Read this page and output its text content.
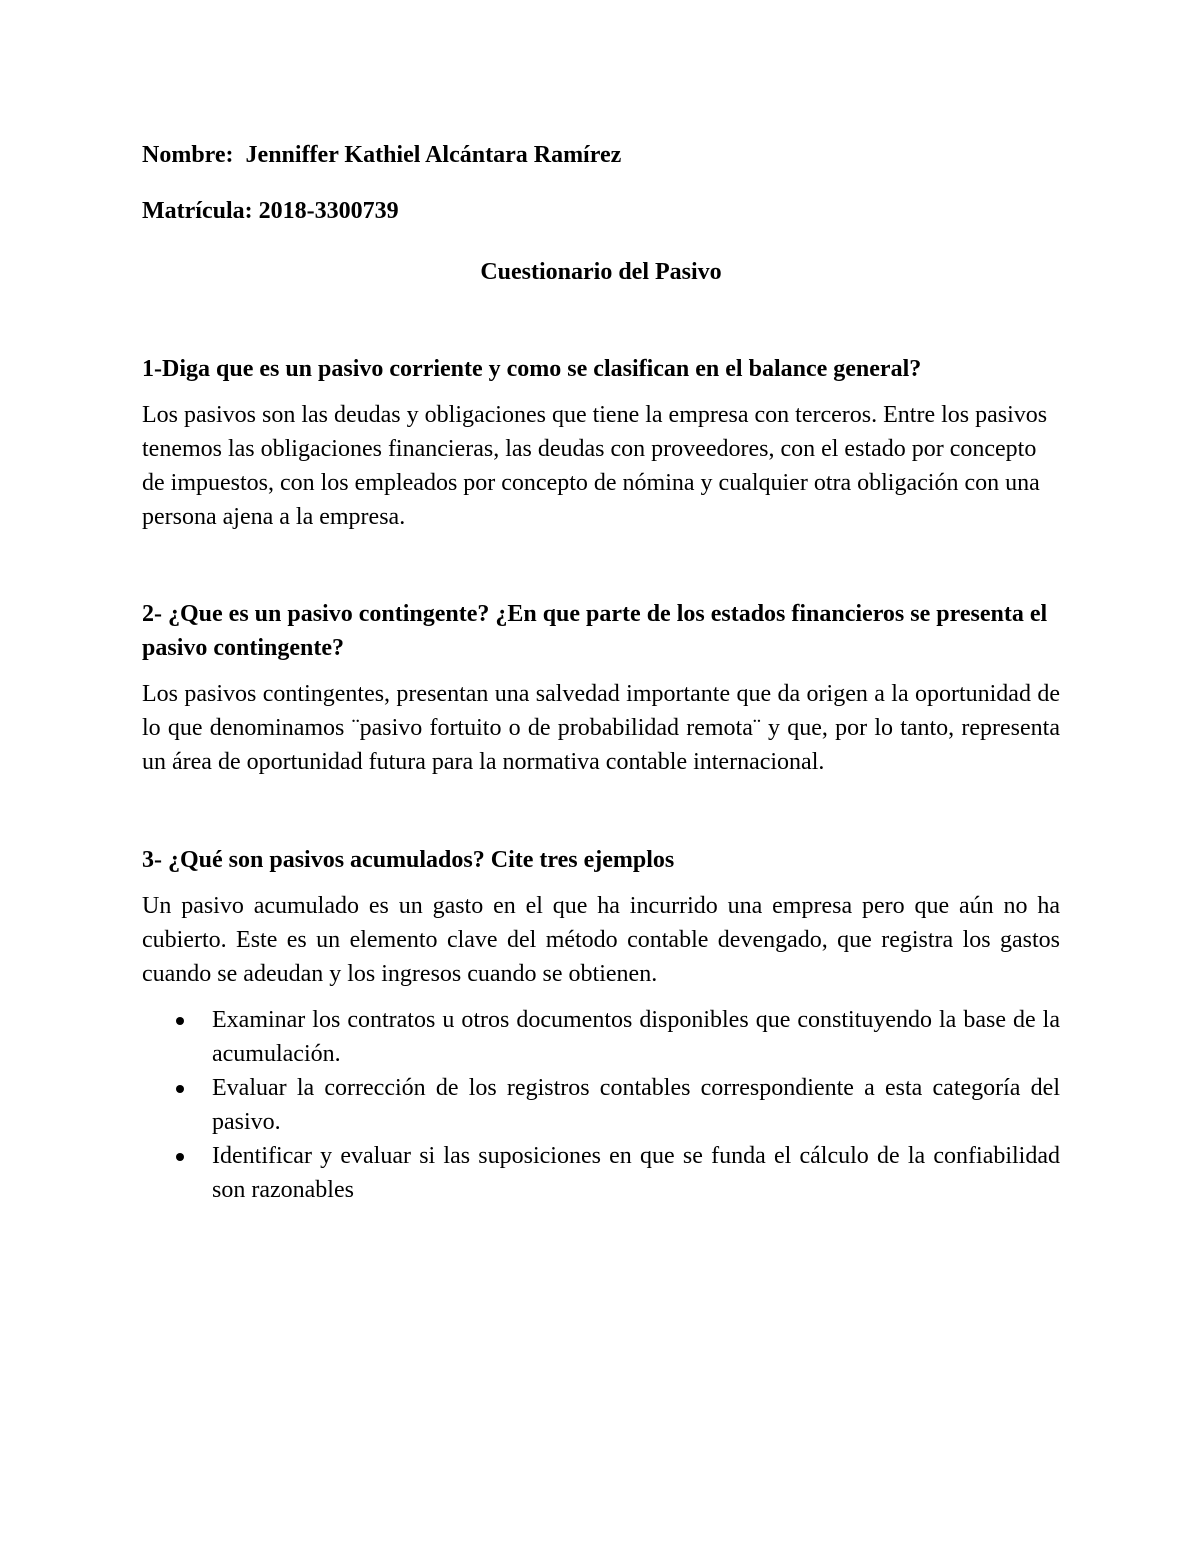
Nombre: Jenniffer Kathiel Alcántara Ramírez

Matrícula: 2018-3300739

Cuestionario del Pasivo

1-Diga que es un pasivo corriente y como se clasifican en el balance general?

Los pasivos son las deudas y obligaciones que tiene la empresa con terceros. Entre los pasivos tenemos las obligaciones financieras, las deudas con proveedores, con el estado por concepto de impuestos, con los empleados por concepto de nómina y cualquier otra obligación con una persona ajena a la empresa.

2- ¿Que es un pasivo contingente? ¿En que parte de los estados financieros se presenta el pasivo contingente?

Los pasivos contingentes, presentan una salvedad importante que da origen a la oportunidad de lo que denominamos ¨pasivo fortuito o de probabilidad remota¨ y que, por lo tanto, representa un área de oportunidad futura para la normativa contable internacional.

3- ¿Qué son pasivos acumulados? Cite tres ejemplos

Un pasivo acumulado es un gasto en el que ha incurrido una empresa pero que aún no ha cubierto. Este es un elemento clave del método contable devengado, que registra los gastos cuando se adeudan y los ingresos cuando se obtienen.

Examinar los contratos u otros documentos disponibles que constituyendo la base de la acumulación.
Evaluar la corrección de los registros contables correspondiente a esta categoría del pasivo.
Identificar y evaluar si las suposiciones en que se funda el cálculo de la confiabilidad son razonables
